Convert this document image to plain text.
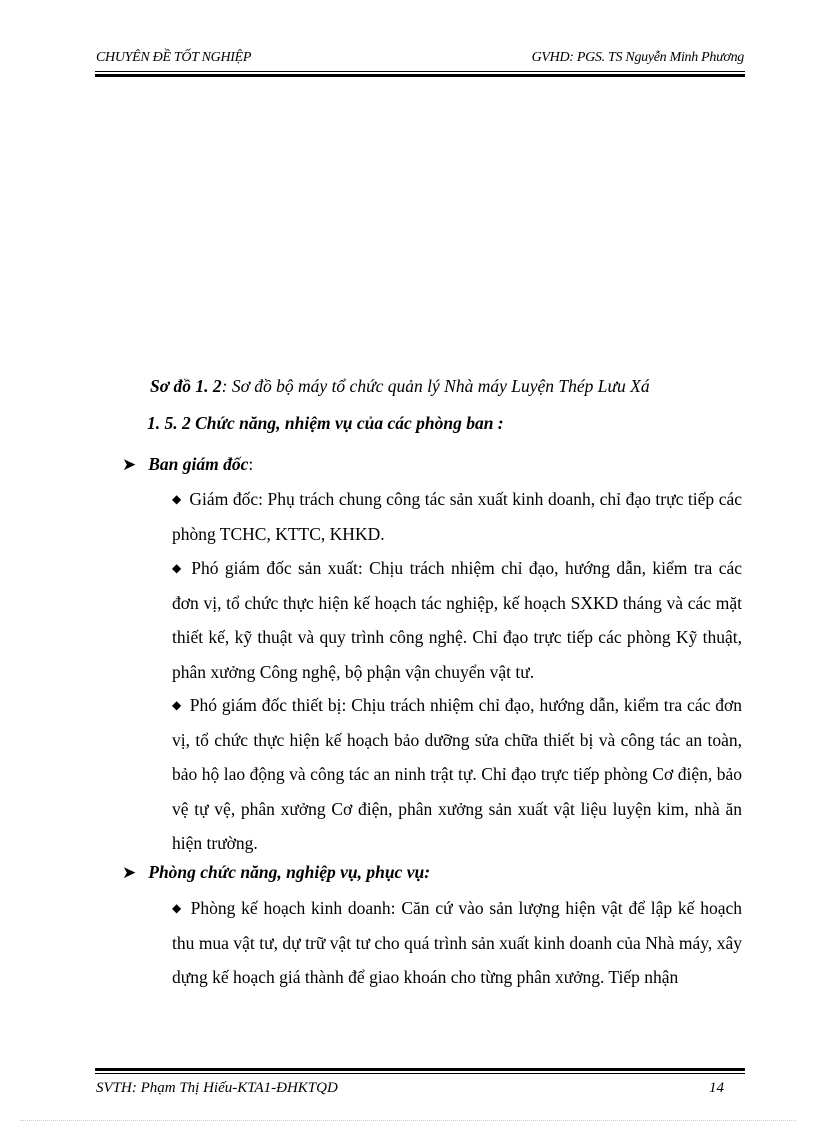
CHUYÊN ĐỀ TỐT NGHIỆP	GVHD: PGS. TS Nguyễn Minh Phương
Sơ đồ 1. 2: Sơ đồ bộ máy tổ chức quản lý Nhà máy Luyện Thép Lưu Xá
1. 5. 2 Chức năng, nhiệm vụ của các phòng ban :
➤ Ban giám đốc :
◆ Giám đốc: Phụ trách chung công tác sản xuất kinh doanh, chỉ đạo trực tiếp các phòng TCHC, KTTC, KHKD.
◆ Phó giám đốc sản xuất: Chịu trách nhiệm chỉ đạo, hướng dẫn, kiểm tra các đơn vị, tổ chức thực hiện kế hoạch tác nghiệp, kế hoạch SXKD tháng và các mặt thiết kế, kỹ thuật và quy trình công nghệ. Chỉ đạo trực tiếp các phòng Kỹ thuật, phân xưởng Công nghệ, bộ phận vận chuyển vật tư.
◆ Phó giám đốc thiết bị: Chịu trách nhiệm chỉ đạo, hướng dẫn, kiểm tra các đơn vị, tổ chức thực hiện kế hoạch bảo dưỡng sửa chữa thiết bị và công tác an toàn, bảo hộ lao động và công tác an ninh trật tự. Chỉ đạo trực tiếp phòng Cơ điện, bảo vệ tự vệ, phân xưởng Cơ điện, phân xưởng sản xuất vật liệu luyện kim, nhà ăn hiện trường.
➤ Phòng chức năng, nghiệp vụ, phục vụ:
◆ Phòng kế hoạch kinh doanh: Căn cứ vào sản lượng hiện vật để lập kế hoạch thu mua vật tư, dự trữ vật tư cho quá trình sản xuất kinh doanh của Nhà máy, xây dựng kế hoạch giá thành để giao khoán cho từng phân xưởng. Tiếp nhận
SVTH: Phạm Thị Hiếu-KTA1-ĐHKTQD	14
